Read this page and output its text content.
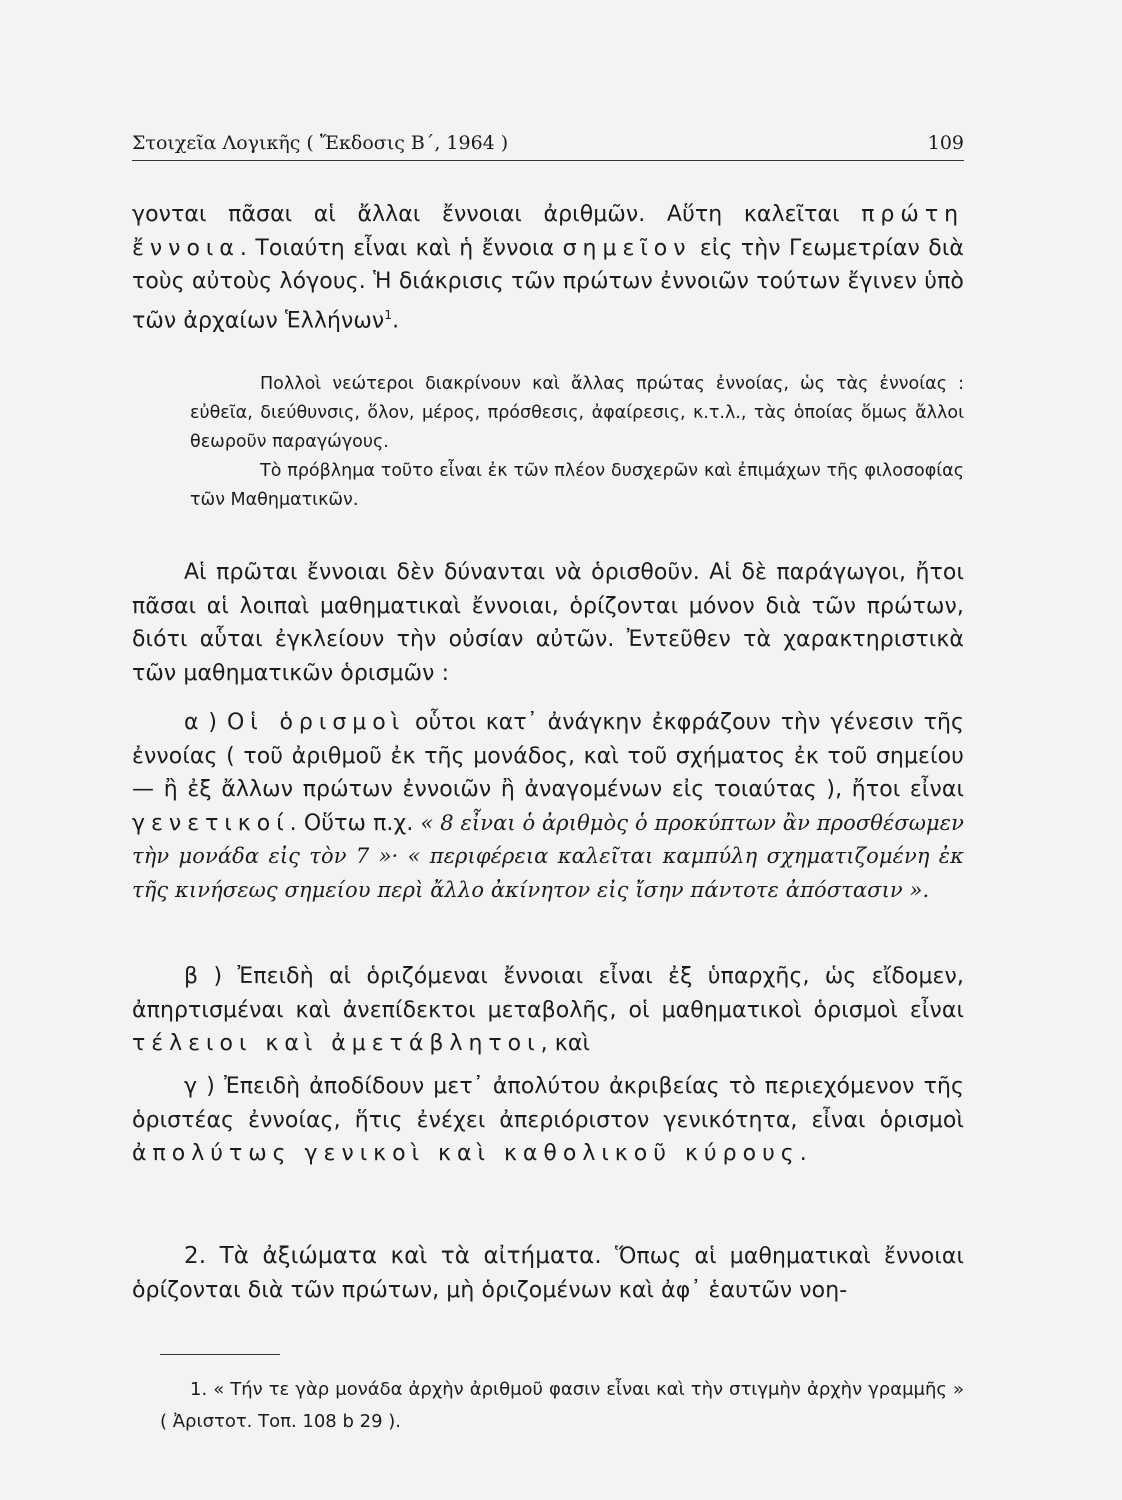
Στοιχεῖα Λογικῆς ( Ἔκδοσις Β΄, 1964 )	109

γονται πᾶσαι αἱ ἄλλαι ἔννοιαι ἀριθμῶν. Αὕτη καλεῖται πρώτη ἔννοια. Τοιαύτη εἶναι καὶ ἡ ἔννοια σημεῖον εἰς τὴν Γεωμετρίαν διὰ τοὺς αὐτοὺς λόγους. Ἡ διάκρισις τῶν πρώτων ἐννοιῶν τούτων ἔγινεν ὑπὸ τῶν ἀρχαίων Ἑλλήνων$^1$.

Πολλοὶ νεώτεροι διακρίνουν καὶ ἄλλας πρώτας ἐννοίας, ὡς τὰς ἐννοίας : εὐθεῖα, διεύθυνσις, ὅλον, μέρος, πρόσθεσις, ἀφαίρεσις, κ.τ.λ., τὰς ὁποίας ὅμως ἄλλοι θεωροῦν παραγώγους.

Τὸ πρόβλημα τοῦτο εἶναι ἐκ τῶν πλέον δυσχερῶν καὶ ἐπιμάχων τῆς φιλοσοφίας τῶν Μαθηματικῶν.

Αἱ πρῶται ἔννοιαι δὲν δύνανται νὰ ὁρισθοῦν. Αἱ δὲ παράγωγοι, ἤτοι πᾶσαι αἱ λοιπαὶ μαθηματικαὶ ἔννοιαι, ὁρίζονται μόνον διὰ τῶν πρώτων, διότι αὗται ἐγκλείουν τὴν οὐσίαν αὐτῶν. Ἐντεῦθεν τὰ χαρακτηριστικὰ τῶν μαθηματικῶν ὁρισμῶν :

α ) Οἱ ὁρισμοὶ οὗτοι κατ᾽ ἀνάγκην ἐκφράζουν τὴν γένεσιν τῆς ἐννοίας ( τοῦ ἀριθμοῦ ἐκ τῆς μονάδος, καὶ τοῦ σχήματος ἐκ τοῦ σημείου — ἢ ἐξ ἄλλων πρώτων ἐννοιῶν ἢ ἀναγομένων εἰς τοιαύτας ), ἤτοι εἶναι γενετικοί. Οὕτω π.χ. « 8 εἶναι ὁ ἀριθμὸς ὁ προκύπτων ἂν προσθέσωμεν τὴν μονάδα εἰς τὸν 7 »· « περιφέρεια καλεῖται καμπύλη σχηματιζομένη ἐκ τῆς κινήσεως σημείου περὶ ἄλλο ἀκίνητον εἰς ἴσην πάντοτε ἀπόστασιν ».

β ) Ἐπειδὴ αἱ ὁριζόμεναι ἔννοιαι εἶναι ἐξ ὑπαρχῆς, ὡς εἴδομεν, ἀπηρτισμέναι καὶ ἀνεπίδεκτοι μεταβολῆς, οἱ μαθηματικοὶ ὁρισμοὶ εἶναι τέλειοι καὶ ἀμετάβλητοι, καὶ

γ ) Ἐπειδὴ ἀποδίδουν μετ᾽ ἀπολύτου ἀκριβείας τὸ περιεχόμενον τῆς ὁριστέας ἐννοίας, ἥτις ἐνέχει ἀπεριόριστον γενικότητα, εἶναι ὁρισμοὶ ἀπολύτως γενικοὶ καὶ καθολικοῦ κύρους.

2. Τὰ ἀξιώματα καὶ τὰ αἰτήματα. Ὅπως αἱ μαθηματικαὶ ἔννοιαι ὁρίζονται διὰ τῶν πρώτων, μὴ ὁριζομένων καὶ ἀφ᾽ ἑαυτῶν νοη-

1. « Τήν τε γὰρ μονάδα ἀρχὴν ἀριθμοῦ φασιν εἶναι καὶ τὴν στιγμὴν ἀρχὴν γραμμῆς » ( Ἀριστοτ. Τοπ. 108 b 29 ).
